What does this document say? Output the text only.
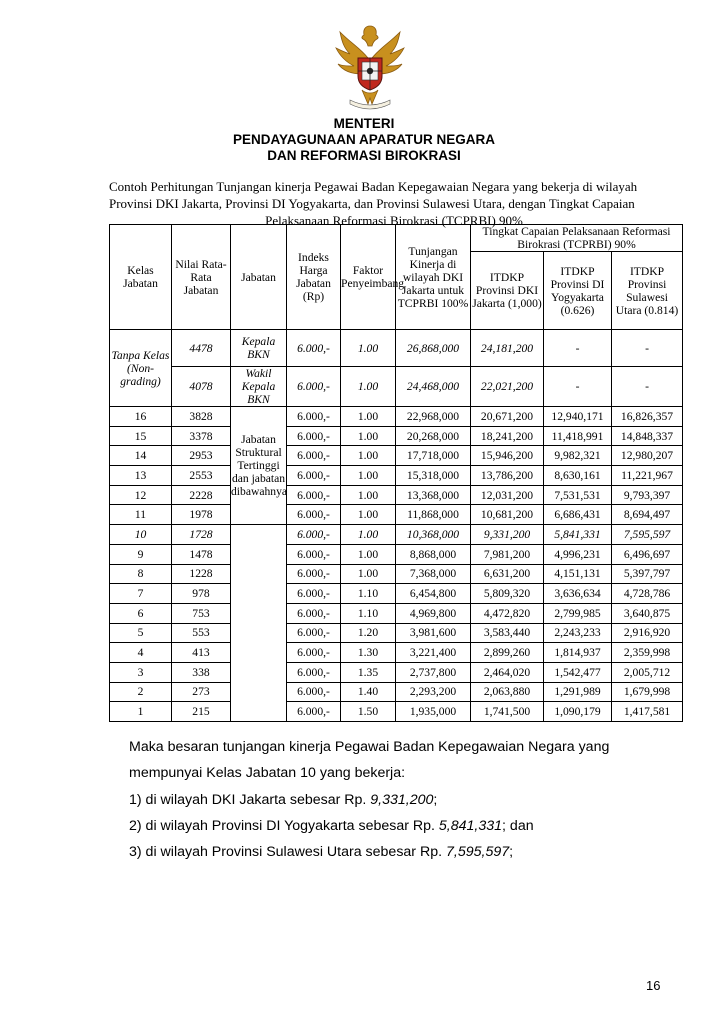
MENTERI
PENDAYAGUNAAN APARATUR NEGARA
DAN REFORMASI BIROKRASI
Contoh Perhitungan Tunjangan kinerja Pegawai Badan Kepegawaian Negara yang bekerja di wilayah
Provinsi DKI Jakarta, Provinsi DI Yogyakarta, dan Provinsi Sulawesi Utara, dengan Tingkat Capaian

Pelaksanaan Reformasi Birokrasi (TCPRBI) 90%
Kelas Jabatan	Nilai Rata-Rata Jabatan	Jabatan	Indeks Harga Jabatan (Rp)	Faktor Penyeimbang	Tunjangan Kinerja di wilayah DKI Jakarta untuk TCPRBI 100%	Tingkat Capaian Pelaksanaan Reformasi Birokrasi (TCPRBI) 90%		
						ITDKP Provinsi DKI Jakarta (1,000)	ITDKP Provinsi DI Yogyakarta (0.626)	ITDKP Provinsi Sulawesi Utara (0.814)
Tanpa Kelas (Non-grading)	4478	Kepala BKN	6.000,-	1.00	26,868,000	24,181,200	-	-
	4078	Wakil Kepala BKN	6.000,-	1.00	24,468,000	22,021,200	-	-
16	3828	Jabatan Struktural Tertinggi dan jabatan dibawahnya	6.000,-	1.00	22,968,000	20,671,200	12,940,171	16,826,357
15	3378		6.000,-	1.00	20,268,000	18,241,200	11,418,991	14,848,337
14	2953		6.000,-	1.00	17,718,000	15,946,200	9,982,321	12,980,207
13	2553		6.000,-	1.00	15,318,000	13,786,200	8,630,161	11,221,967
12	2228		6.000,-	1.00	13,368,000	12,031,200	7,531,531	9,793,397
11	1978		6.000,-	1.00	11,868,000	10,681,200	6,686,431	8,694,497
10	1728		6.000,-	1.00	10,368,000	9,331,200	5,841,331	7,595,597
9	1478		6.000,-	1.00	8,868,000	7,981,200	4,996,231	6,496,697
8	1228		6.000,-	1.00	7,368,000	6,631,200	4,151,131	5,397,797
7	978		6.000,-	1.10	6,454,800	5,809,320	3,636,634	4,728,786
6	753		6.000,-	1.10	4,969,800	4,472,820	2,799,985	3,640,875
5	553		6.000,-	1.20	3,981,600	3,583,440	2,243,233	2,916,920
4	413		6.000,-	1.30	3,221,400	2,899,260	1,814,937	2,359,998
3	338		6.000,-	1.35	2,737,800	2,464,020	1,542,477	2,005,712
2	273		6.000,-	1.40	2,293,200	2,063,880	1,291,989	1,679,998
1	215		6.000,-	1.50	1,935,000	1,741,500	1,090,179	1,417,581
Maka besaran tunjangan kinerja Pegawai Badan Kepegawaian Negara yang
mempunyai Kelas Jabatan 10 yang bekerja:
1) di wilayah DKI Jakarta sebesar Rp. 9,331,200;
2) di wilayah Provinsi DI Yogyakarta sebesar Rp. 5,841,331; dan
3) di wilayah Provinsi Sulawesi Utara sebesar Rp. 7,595,597;
16
